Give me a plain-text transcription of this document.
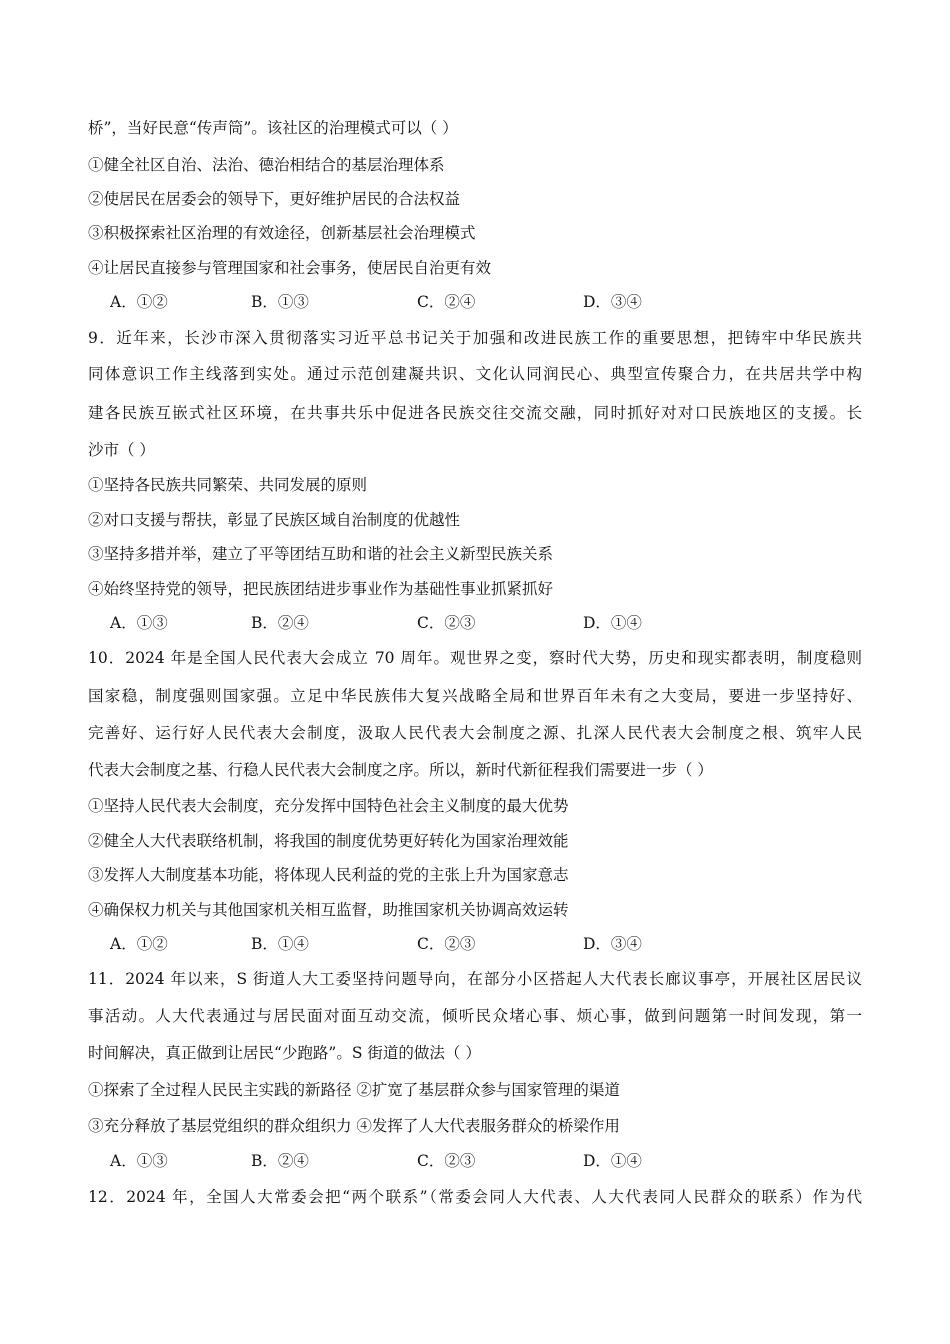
桥”，当好民意“传声筒”。该社区的治理模式可以（ ）
①健全社区自治、法治、德治相结合的基层治理体系
②使居民在居委会的领导下，更好维护居民的合法权益
③积极探索社区治理的有效途径，创新基层社会治理模式
④让居民直接参与管理国家和社会事务，使居民自治更有效
A．①②	B．①③	C．②④	D．③④
9．近年来，长沙市深入贯彻落实习近平总书记关于加强和改进民族工作的重要思想，把铸牢中华民族共
同体意识工作主线落到实处。通过示范创建凝共识、文化认同润民心、典型宣传聚合力，在共居共学中构
建各民族互嵌式社区环境，在共事共乐中促进各民族交往交流交融，同时抓好对对口民族地区的支援。长
沙市（ ）
①坚持各民族共同繁荣、共同发展的原则
②对口支援与帮扶，彰显了民族区域自治制度的优越性
③坚持多措并举，建立了平等团结互助和谐的社会主义新型民族关系
④始终坚持党的领导，把民族团结进步事业作为基础性事业抓紧抓好
A．①③	B．②④	C．②③	D．①④
10．2024 年是全国人民代表大会成立 70 周年。观世界之变，察时代大势，历史和现实都表明，制度稳则
国家稳，制度强则国家强。立足中华民族伟大复兴战略全局和世界百年未有之大变局，要进一步坚持好、
完善好、运行好人民代表大会制度，汲取人民代表大会制度之源、扎深人民代表大会制度之根、筑牢人民
代表大会制度之基、行稳人民代表大会制度之序。所以，新时代新征程我们需要进一步（ ）
①坚持人民代表大会制度，充分发挥中国特色社会主义制度的最大优势
②健全人大代表联络机制，将我国的制度优势更好转化为国家治理效能
③发挥人大制度基本功能，将体现人民利益的党的主张上升为国家意志
④确保权力机关与其他国家机关相互监督，助推国家机关协调高效运转
A．①②	B．①④	C．②③	D．③④
11．2024 年以来，S 街道人大工委坚持问题导向，在部分小区搭起人大代表长廊议事亭，开展社区居民议
事活动。人大代表通过与居民面对面互动交流，倾听民众堵心事、烦心事，做到问题第一时间发现，第一
时间解决，真正做到让居民“少跑路”。S 街道的做法（ ）
①探索了全过程人民民主实践的新路径 ②扩宽了基层群众参与国家管理的渠道
③充分释放了基层党组织的群众组织力 ④发挥了人大代表服务群众的桥梁作用
A．①③	B．②④	C．②③	D．①④
12．2024 年，全国人大常委会把“两个联系”（常委会同人大代表、人大代表同人民群众的联系）作为代
